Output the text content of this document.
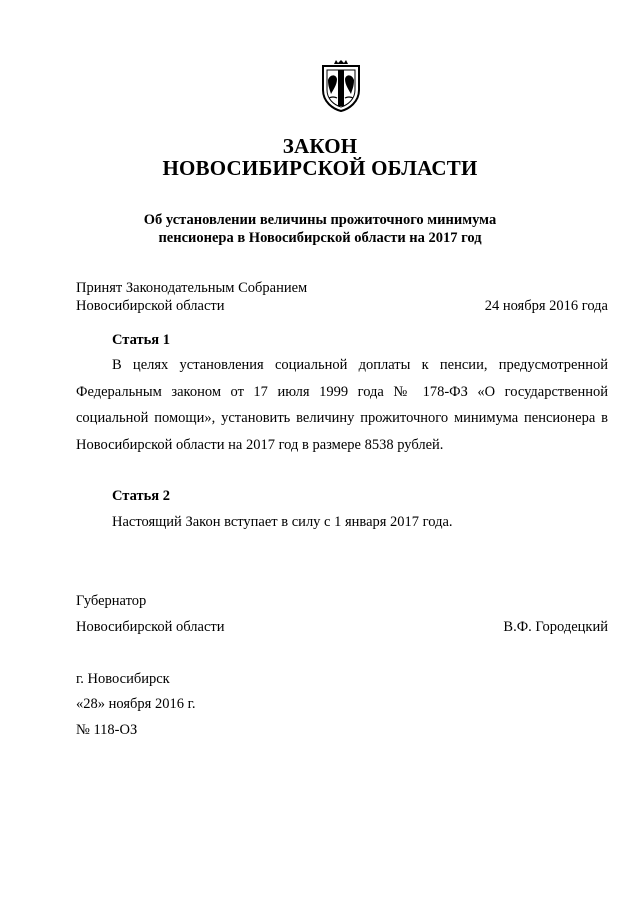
ЗАКОН
НОВОСИБИРСКОЙ ОБЛАСТИ
Об установлении величины прожиточного минимума
пенсионера в Новосибирской области на 2017 год
Принят Законодательным Собранием
Новосибирской области	24 ноября 2016 года
Статья 1
В целях установления социальной доплаты к пенсии, предусмотренной Федеральным законом от 17 июля 1999 года № 178-ФЗ «О государственной социальной помощи», установить величину прожиточного минимума пенсионера в Новосибирской области на 2017 год в размере 8538 рублей.
Статья 2
Настоящий Закон вступает в силу с 1 января 2017 года.
Губернатор
Новосибирской области	В.Ф. Городецкий
г. Новосибирск
«28» ноября 2016 г.
№ 118-ОЗ
